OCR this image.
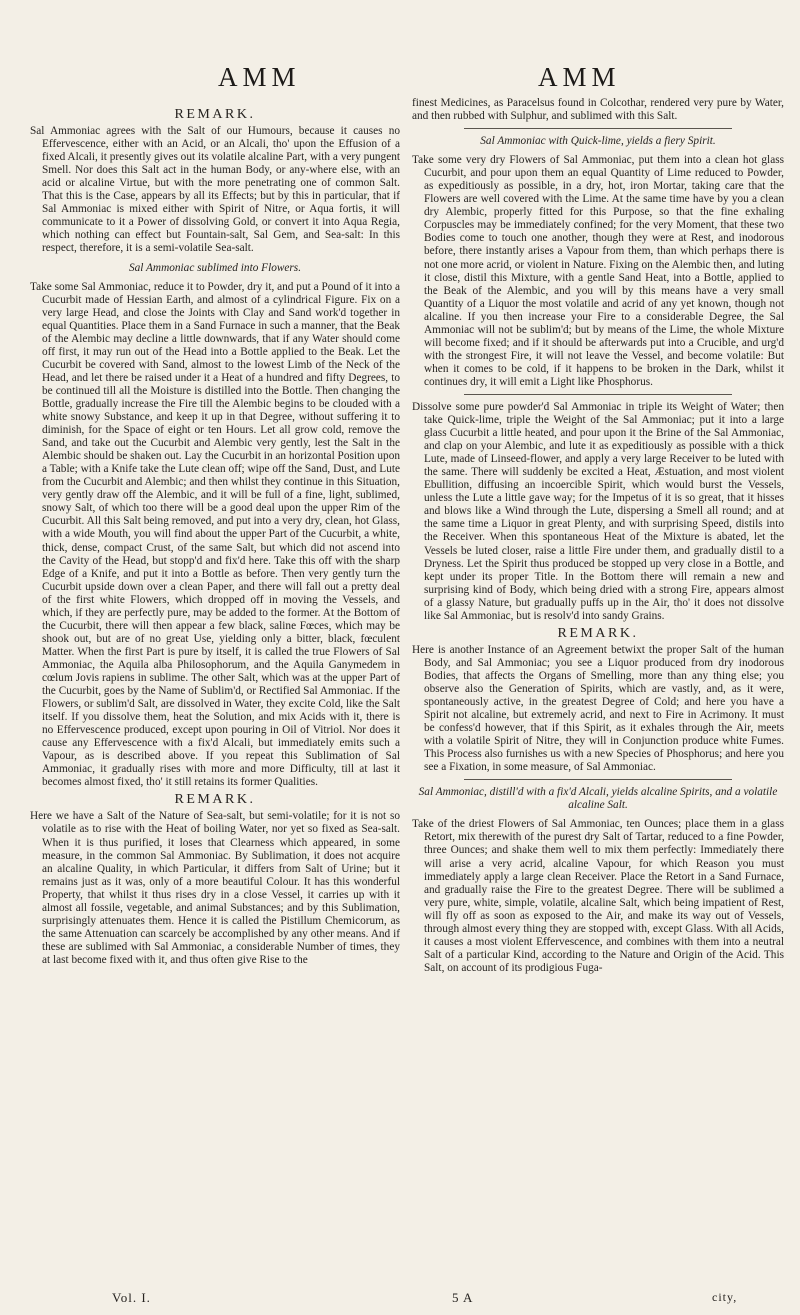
AMM	AMM
REMARK.

Sal Ammoniac agrees with the Salt of our Humours, because it causes no Effervescence, either with an Acid, or an Alcali, tho' upon the Effusion of a fixed Alcali, it presently gives out its volatile alcaline Part, with a very pungent Smell. Nor does this Salt act in the human Body, or any-where else, with an acid or alcaline Virtue, but with the more penetrating one of common Salt. That this is the Case, appears by all its Effects; but by this in particular, that if Sal Ammoniac is mixed either with Spirit of Nitre, or Aqua fortis, it will communicate to it a Power of dissolving Gold, or convert it into Aqua Regia, which nothing can effect but Fountain-salt, Sal Gem, and Sea-salt: In this respect, therefore, it is a semi-volatile Sea-salt.

Sal Ammoniac sublimed into Flowers.

Take some Sal Ammoniac, reduce it to Powder, dry it, and put a Pound of it into a Cucurbit made of Hessian Earth, and almost of a cylindrical Figure. Fix on a very large Head, and close the Joints with Clay and Sand work'd together in equal Quantities. Place them in a Sand Furnace in such a manner, that the Beak of the Alembic may decline a little downwards, that if any Water should come off first, it may run out of the Head into a Bottle applied to the Beak. Let the Cucurbit be covered with Sand, almost to the lowest Limb of the Neck of the Head, and let there be raised under it a Heat of a hundred and fifty Degrees, to be continued till all the Moisture is distilled into the Bottle. Then changing the Bottle, gradually increase the Fire till the Alembic begins to be clouded with a white snowy Substance, and keep it up in that Degree, without suffering it to diminish, for the Space of eight or ten Hours. Let all grow cold, remove the Sand, and take out the Cucurbit and Alembic very gently, lest the Salt in the Alembic should be shaken out. Lay the Cucurbit in an horizontal Position upon a Table; with a Knife take the Lute clean off; wipe off the Sand, Dust, and Lute from the Cucurbit and Alembic; and then whilst they continue in this Situation, very gently draw off the Alembic, and it will be full of a fine, light, sublimed, snowy Salt, of which too there will be a good deal upon the upper Rim of the Cucurbit. All this Salt being removed, and put into a very dry, clean, hot Glass, with a wide Mouth, you will find about the upper Part of the Cucurbit, a white, thick, dense, compact Crust, of the same Salt, but which did not ascend into the Cavity of the Head, but stopp'd and fix'd here. Take this off with the sharp Edge of a Knife, and put it into a Bottle as before. Then very gently turn the Cucurbit upside down over a clean Paper, and there will fall out a pretty deal of the first white Flowers, which dropped off in moving the Vessels, and which, if they are perfectly pure, may be added to the former. At the Bottom of the Cucurbit, there will then appear a few black, saline Fœces, which may be shook out, but are of no great Use, yielding only a bitter, black, fœculent Matter. When the first Part is pure by itself, it is called the true Flowers of Sal Ammoniac, the Aquila alba Philosophorum, and the Aquila Ganymedem in cœlum Jovis rapiens in sublime. The other Salt, which was at the upper Part of the Cucurbit, goes by the Name of Sublim'd, or Rectified Sal Ammoniac. If the Flowers, or sublim'd Salt, are dissolved in Water, they excite Cold, like the Salt itself. If you dissolve them, heat the Solution, and mix Acids with it, there is no Effervescence produced, except upon pouring in Oil of Vitriol. Nor does it cause any Effervescence with a fix'd Alcali, but immediately emits such a Vapour, as is described above. If you repeat this Sublimation of Sal Ammoniac, it gradually rises with more and more Difficulty, till at last it becomes almost fixed, tho' it still retains its former Qualities.

REMARK.

Here we have a Salt of the Nature of Sea-salt, but semi-volatile; for it is not so volatile as to rise with the Heat of boiling Water, nor yet so fixed as Sea-salt. When it is thus purified, it loses that Clearness which appeared, in some measure, in the common Sal Ammoniac. By Sublimation, it does not acquire an alcaline Quality, in which Particular, it differs from Salt of Urine; but it remains just as it was, only of a more beautiful Colour. It has this wonderful Property, that whilst it thus rises dry in a close Vessel, it carries up with it almost all fossile, vegetable, and animal Substances; and by this Sublimation, surprisingly attenuates them. Hence it is called the Pistillum Chemicorum, as the same Attenuation can scarcely be accomplished by any other means. And if these are sublimed with Sal Ammoniac, a considerable Number of times, they at last become fixed with it, and thus often give Rise to the

finest Medicines, as Paracelsus found in Colcothar, rendered very pure by Water, and then rubbed with Sulphur, and sublimed with this Salt.

Sal Ammoniac with Quick-lime, yields a fiery Spirit.

Take some very dry Flowers of Sal Ammoniac, put them into a clean hot glass Cucurbit, and pour upon them an equal Quantity of Lime reduced to Powder, as expeditiously as possible, in a dry, hot, iron Mortar, taking care that the Flowers are well covered with the Lime. At the same time have by you a clean dry Alembic, properly fitted for this Purpose, so that the fine exhaling Corpuscles may be immediately confined; for the very Moment, that these two Bodies come to touch one another, though they were at Rest, and inodorous before, there instantly arises a Vapour from them, than which perhaps there is not one more acrid, or violent in Nature. Fixing on the Alembic then, and luting it close, distil this Mixture, with a gentle Sand Heat, into a Bottle, applied to the Beak of the Alembic, and you will by this means have a very small Quantity of a Liquor the most volatile and acrid of any yet known, though not alcaline. If you then increase your Fire to a considerable Degree, the Sal Ammoniac will not be sublim'd; but by means of the Lime, the whole Mixture will become fixed; and if it should be afterwards put into a Crucible, and urg'd with the strongest Fire, it will not leave the Vessel, and become volatile: But when it comes to be cold, if it happens to be broken in the Dark, whilst it continues dry, it will emit a Light like Phosphorus.

Dissolve some pure powder'd Sal Ammoniac in triple its Weight of Water; then take Quick-lime, triple the Weight of the Sal Ammoniac; put it into a large glass Cucurbit a little heated, and pour upon it the Brine of the Sal Ammoniac, and clap on your Alembic, and lute it as expeditiously as possible with a thick Lute, made of Linseed-flower, and apply a very large Receiver to be luted with the same. There will suddenly be excited a Heat, Æstuation, and most violent Ebullition, diffusing an incoercible Spirit, which would burst the Vessels, unless the Lute a little gave way; for the Impetus of it is so great, that it hisses and blows like a Wind through the Lute, dispersing a Smell all round; and at the same time a Liquor in great Plenty, and with surprising Speed, distils into the Receiver. When this spontaneous Heat of the Mixture is abated, let the Vessels be luted closer, raise a little Fire under them, and gradually distil to a Dryness. Let the Spirit thus produced be stopped up very close in a Bottle, and kept under its proper Title. In the Bottom there will remain a new and surprising kind of Body, which being dried with a strong Fire, appears almost of a glassy Nature, but gradually puffs up in the Air, tho' it does not dissolve like Sal Ammoniac, but is resolv'd into sandy Grains.

REMARK.

Here is another Instance of an Agreement betwixt the proper Salt of the human Body, and Sal Ammoniac; you see a Liquor produced from dry inodorous Bodies, that affects the Organs of Smelling, more than any thing else; you observe also the Generation of Spirits, which are vastly, and, as it were, spontaneously active, in the greatest Degree of Cold; and here you have a Spirit not alcaline, but extremely acrid, and next to Fire in Acrimony. It must be confess'd however, that if this Spirit, as it exhales through the Air, meets with a volatile Spirit of Nitre, they will in Conjunction produce white Fumes. This Process also furnishes us with a new Species of Phosphorus; and here you see a Fixation, in some measure, of Sal Ammoniac.

Sal Ammoniac, distill'd with a fix'd Alcali, yields alcaline Spirits, and a volatile alcaline Salt.

Take of the driest Flowers of Sal Ammoniac, ten Ounces; place them in a glass Retort, mix therewith of the purest dry Salt of Tartar, reduced to a fine Powder, three Ounces; and shake them well to mix them perfectly: Immediately there will arise a very acrid, alcaline Vapour, for which Reason you must immediately apply a large clean Receiver. Place the Retort in a Sand Furnace, and gradually raise the Fire to the greatest Degree. There will be sublimed a very pure, white, simple, volatile, alcaline Salt, which being impatient of Rest, will fly off as soon as exposed to the Air, and make its way out of Vessels, through almost every thing they are stopped with, except Glass. With all Acids, it causes a most violent Effervescence, and combines with them into a neutral Salt of a particular Kind, according to the Nature and Origin of the Acid. This Salt, on account of its prodigious Fuga-

Vol. I.	5 A	city,
